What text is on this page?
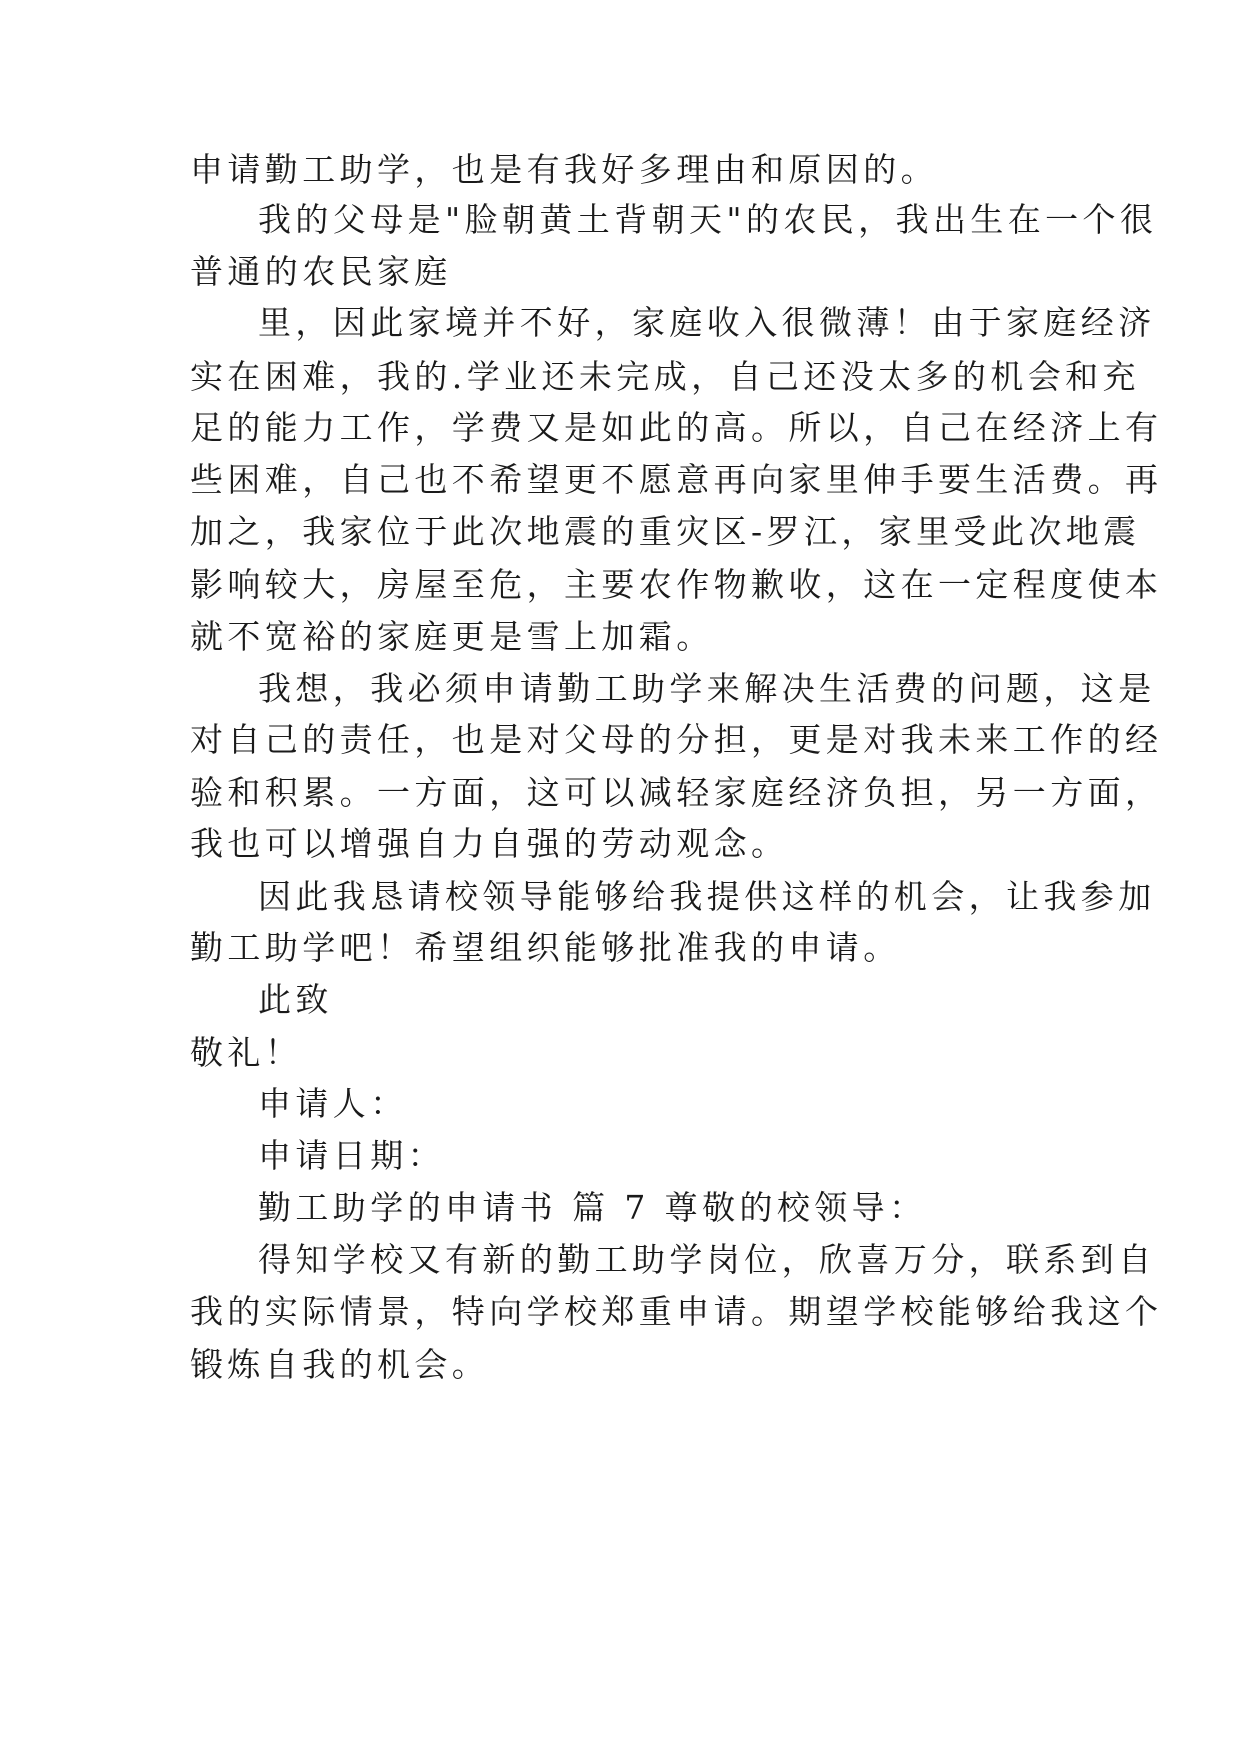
申请勤工助学，也是有我好多理由和原因的。
我的父母是"脸朝黄土背朝天"的农民，我出生在一个很
普通的农民家庭
里，因此家境并不好，家庭收入很微薄！由于家庭经济
实在困难，我的.学业还未完成，自己还没太多的机会和充
足的能力工作，学费又是如此的高。所以，自己在经济上有
些困难，自己也不希望更不愿意再向家里伸手要生活费。再
加之，我家位于此次地震的重灾区-罗江，家里受此次地震
影响较大，房屋至危，主要农作物歉收，这在一定程度使本
就不宽裕的家庭更是雪上加霜。
我想，我必须申请勤工助学来解决生活费的问题，这是
对自己的责任，也是对父母的分担，更是对我未来工作的经
验和积累。一方面，这可以减轻家庭经济负担，另一方面，
我也可以增强自力自强的劳动观念。
因此我恳请校领导能够给我提供这样的机会，让我参加
勤工助学吧！希望组织能够批准我的申请。
此致
敬礼！
申请人：
申请日期：
勤工助学的申请书 篇 7 尊敬的校领导：
得知学校又有新的勤工助学岗位，欣喜万分，联系到自
我的实际情景，特向学校郑重申请。期望学校能够给我这个
锻炼自我的机会。
